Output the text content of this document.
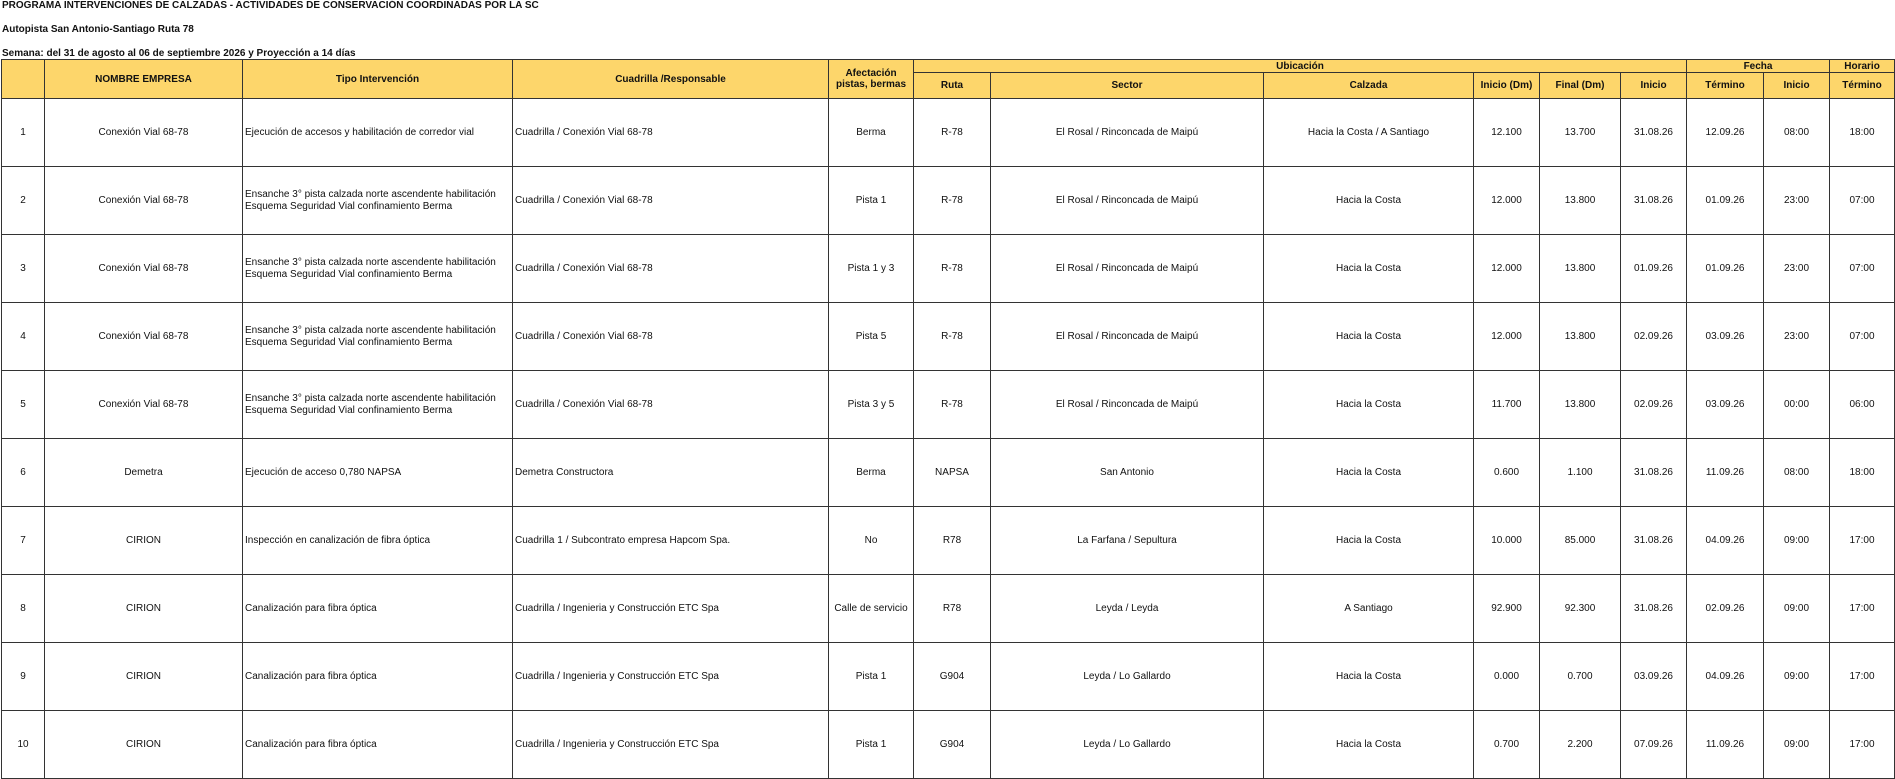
PROGRAMA INTERVENCIONES DE CALZADAS - ACTIVIDADES DE CONSERVACIÓN COORDINADAS POR LA SC
Autopista San Antonio-Santiago Ruta 78
Semana: del 31 de agosto al 06 de septiembre 2026 y Proyección a 14 días
	NOMBRE EMPRESA	Tipo Intervención	Cuadrilla /Responsable	Afectación pistas, bermas	Ubicación						Fecha		Horario
					Ruta	Sector	Calzada	Inicio (Dm)	Final (Dm)	Inicio	Término	Inicio	Término
1	Conexión Vial 68-78	Ejecución de accesos y habilitación de corredor vial	Cuadrilla / Conexión Vial 68-78	Berma	R-78	El Rosal / Rinconcada de Maipú	Hacia la Costa / A Santiago	12.100	13.700	31.08.26	12.09.26	08:00	18:00
2	Conexión Vial 68-78	Ensanche 3° pista calzada norte ascendente habilitación Esquema Seguridad Vial confinamiento Berma	Cuadrilla / Conexión Vial 68-78	Pista 1	R-78	El Rosal / Rinconcada de Maipú	Hacia la Costa	12.000	13.800	31.08.26	01.09.26	23:00	07:00
3	Conexión Vial 68-78	Ensanche 3° pista calzada norte ascendente habilitación Esquema Seguridad Vial confinamiento Berma	Cuadrilla / Conexión Vial 68-78	Pista 1 y 3	R-78	El Rosal / Rinconcada de Maipú	Hacia la Costa	12.000	13.800	01.09.26	01.09.26	23:00	07:00
4	Conexión Vial 68-78	Ensanche 3° pista calzada norte ascendente habilitación Esquema Seguridad Vial confinamiento Berma	Cuadrilla / Conexión Vial 68-78	Pista 5	R-78	El Rosal / Rinconcada de Maipú	Hacia la Costa	12.000	13.800	02.09.26	03.09.26	23:00	07:00
5	Conexión Vial 68-78	Ensanche 3° pista calzada norte ascendente habilitación Esquema Seguridad Vial confinamiento Berma	Cuadrilla / Conexión Vial 68-78	Pista 3 y 5	R-78	El Rosal / Rinconcada de Maipú	Hacia la Costa	11.700	13.800	02.09.26	03.09.26	00:00	06:00
6	Demetra	Ejecución de acceso 0,780 NAPSA	Demetra Constructora	Berma	NAPSA	San Antonio	Hacia la Costa	0.600	1.100	31.08.26	11.09.26	08:00	18:00
7	CIRION	Inspección en canalización de fibra óptica	Cuadrilla 1 / Subcontrato empresa Hapcom Spa.	No	R78	La Farfana / Sepultura	Hacia la Costa	10.000	85.000	31.08.26	04.09.26	09:00	17:00
8	CIRION	Canalización para fibra óptica	Cuadrilla / Ingenieria y Construcción ETC Spa	Calle de servicio	R78	Leyda / Leyda	A Santiago	92.900	92.300	31.08.26	02.09.26	09:00	17:00
9	CIRION	Canalización para fibra óptica	Cuadrilla / Ingenieria y Construcción ETC Spa	Pista 1	G904	Leyda / Lo Gallardo	Hacia la Costa	0.000	0.700	03.09.26	04.09.26	09:00	17:00
10	CIRION	Canalización para fibra óptica	Cuadrilla / Ingenieria y Construcción ETC Spa	Pista 1	G904	Leyda / Lo Gallardo	Hacia la Costa	0.700	2.200	07.09.26	11.09.26	09:00	17:00
